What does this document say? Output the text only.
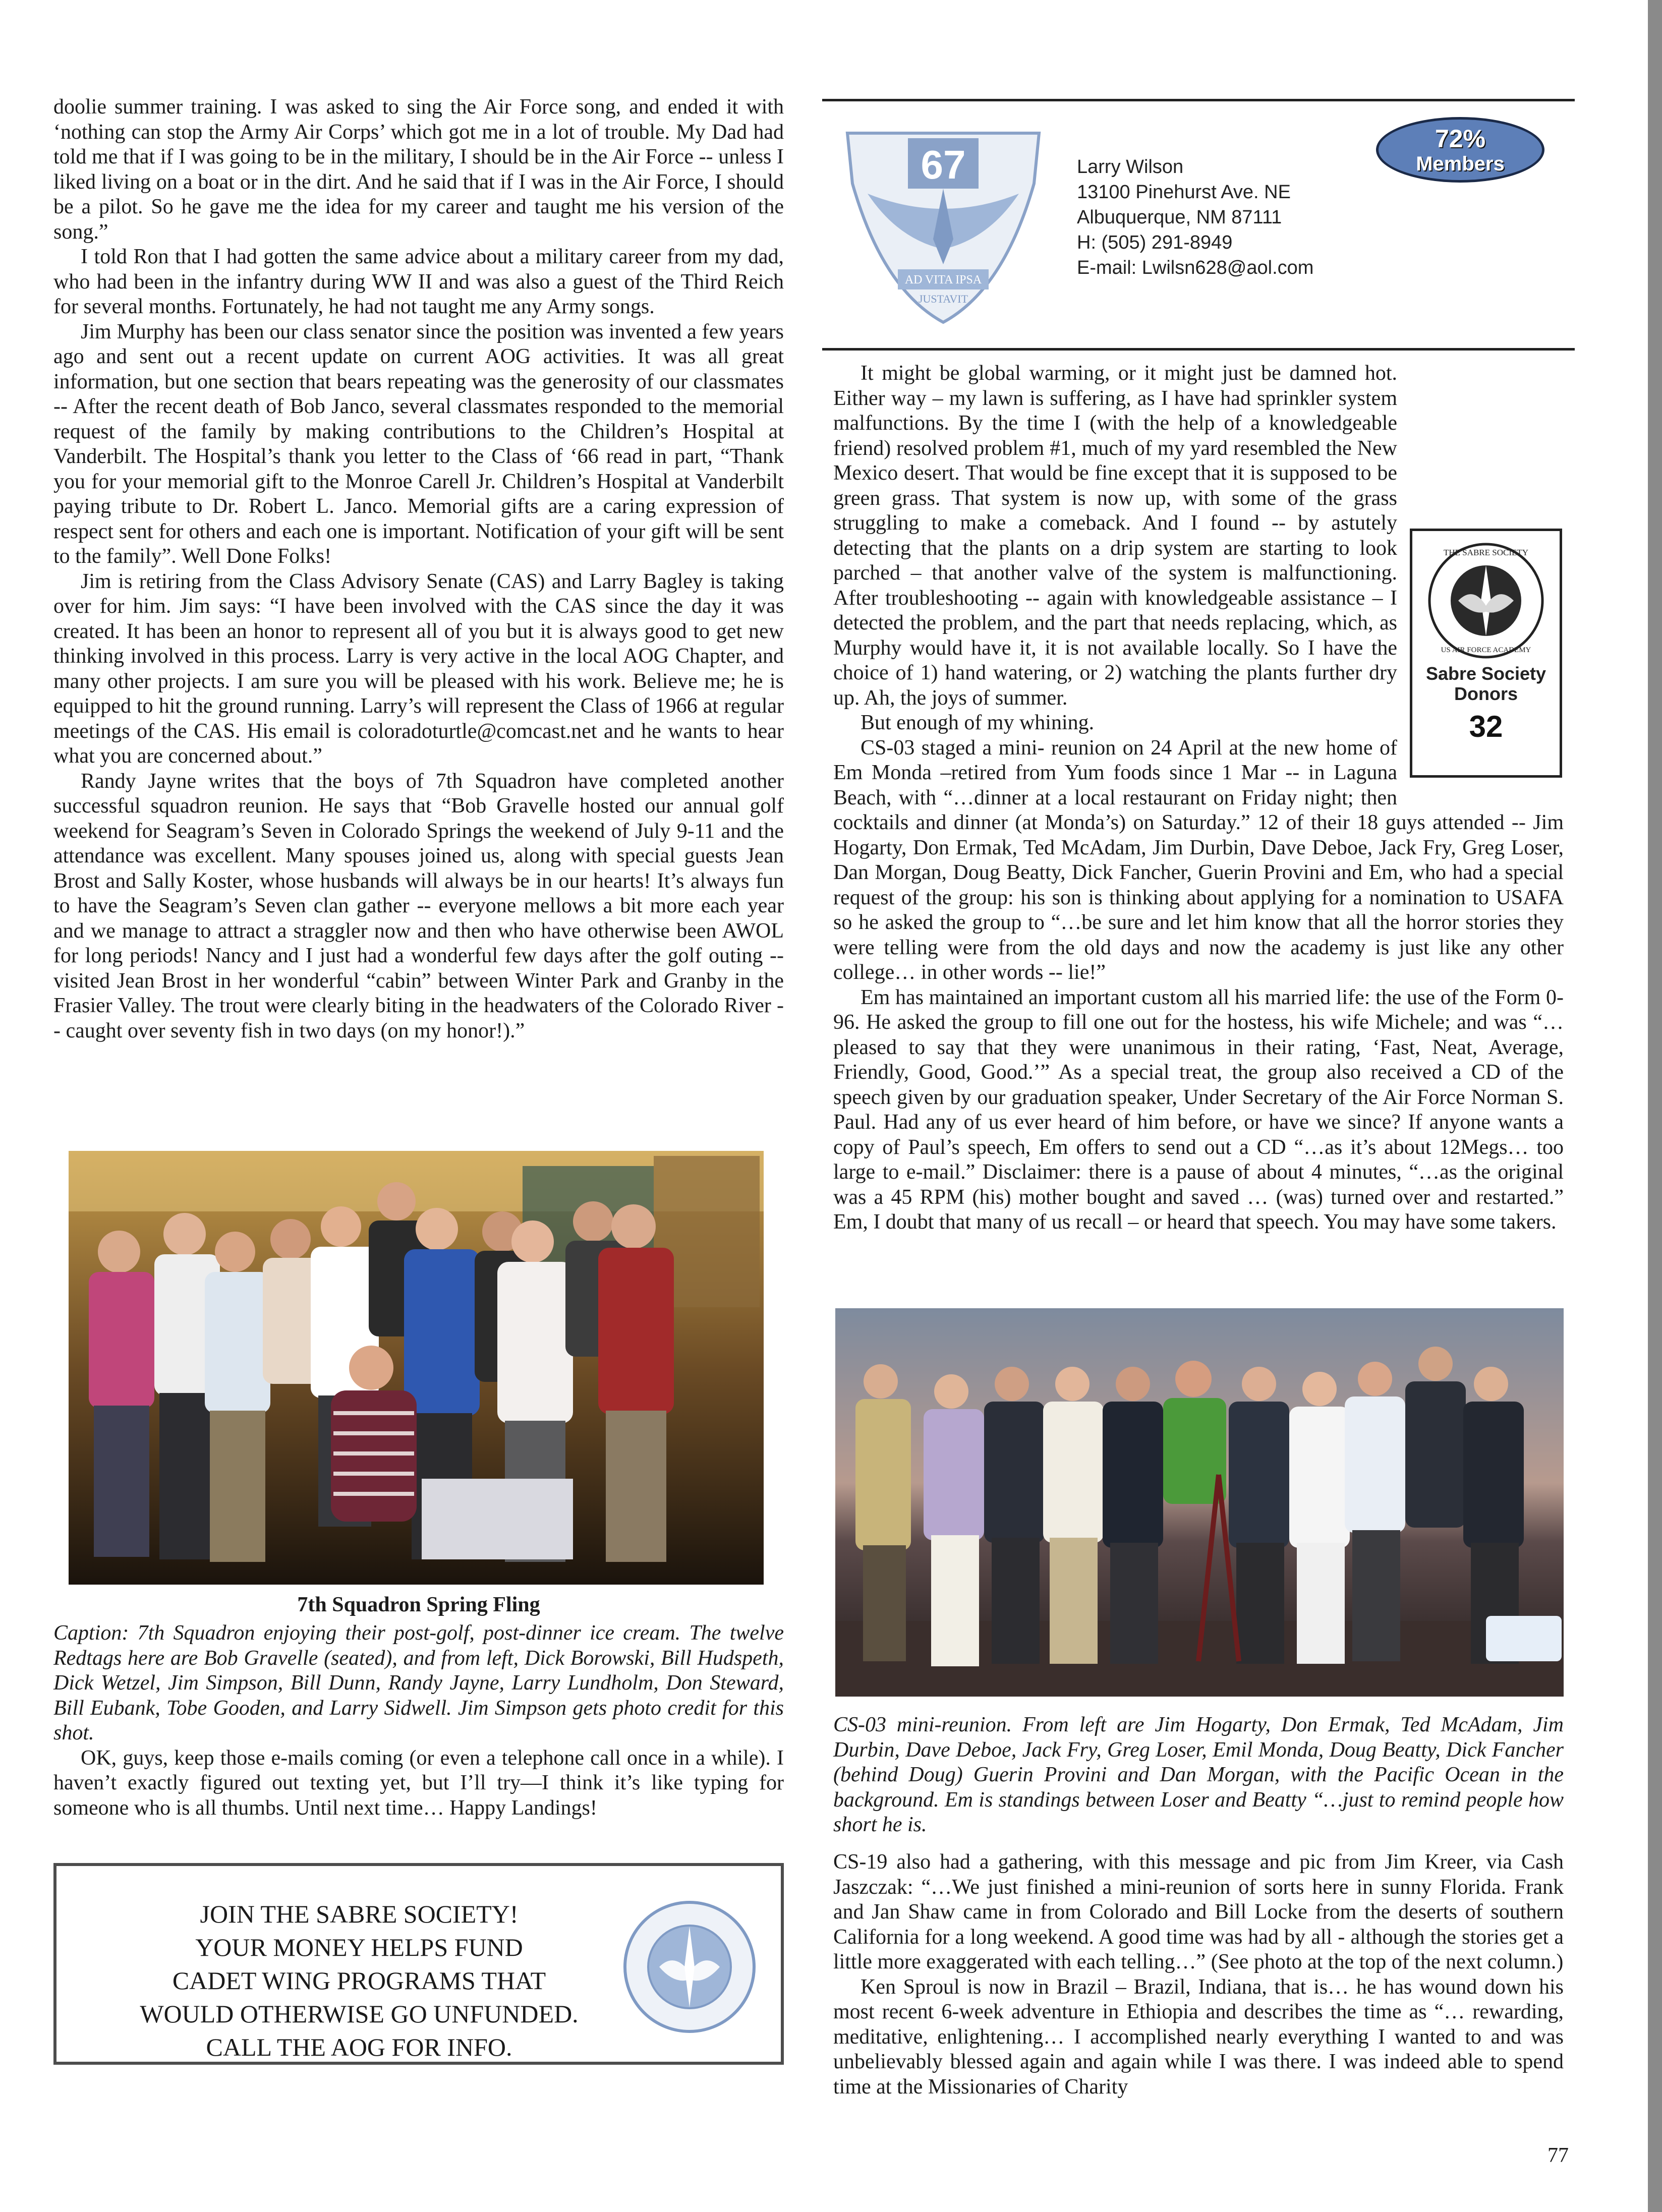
doolie summer training. I was asked to sing the Air Force song, and ended it with ‘nothing can stop the Army Air Corps’ which got me in a lot of trouble. My Dad had told me that if I was going to be in the military, I should be in the Air Force -- unless I liked living on a boat or in the dirt. And he said that if I was in the Air Force, I should be a pilot. So he gave me the idea for my career and taught me his version of the song.”

I told Ron that I had gotten the same advice about a military career from my dad, who had been in the infantry during WW II and was also a guest of the Third Reich for several months. Fortunately, he had not taught me any Army songs.

Jim Murphy has been our class senator since the position was invented a few years ago and sent out a recent update on current AOG activities. It was all great information, but one section that bears repeating was the generosity of our classmates -- After the recent death of Bob Janco, several classmates responded to the memorial request of the family by making contributions to the Children’s Hospital at Vanderbilt. The Hospital’s thank you letter to the Class of ‘66 read in part, “Thank you for your memorial gift to the Monroe Carell Jr. Children’s Hospital at Vanderbilt paying tribute to Dr. Robert L. Janco. Memorial gifts are a caring expression of respect sent for others and each one is important. Notification of your gift will be sent to the family”. Well Done Folks!

Jim is retiring from the Class Advisory Senate (CAS) and Larry Bagley is taking over for him. Jim says: “I have been involved with the CAS since the day it was created. It has been an honor to represent all of you but it is always good to get new thinking involved in this process. Larry is very active in the local AOG Chapter, and many other projects. I am sure you will be pleased with his work. Believe me; he is equipped to hit the ground running. Larry’s will represent the Class of 1966 at regular meetings of the CAS. His email is coloradoturtle@comcast.net and he wants to hear what you are concerned about.”

Randy Jayne writes that the boys of 7th Squadron have completed another successful squadron reunion. He says that “Bob Gravelle hosted our annual golf weekend for Seagram’s Seven in Colorado Springs the weekend of July 9-11 and the attendance was excellent. Many spouses joined us, along with special guests Jean Brost and Sally Koster, whose husbands will always be in our hearts! It’s always fun to have the Seagram’s Seven clan gather -- everyone mellows a bit more each year and we manage to attract a straggler now and then who have otherwise been AWOL for long periods! Nancy and I just had a wonderful few days after the golf outing -- visited Jean Brost in her wonderful “cabin” between Winter Park and Granby in the Frasier Valley. The trout were clearly biting in the headwaters of the Colorado River -- caught over seventy fish in two days (on my honor!).”

7th Squadron Spring Fling

Caption: 7th Squadron enjoying their post-golf, post-dinner ice cream. The twelve Redtags here are Bob Gravelle (seated), and from left, Dick Borowski, Bill Hudspeth, Dick Wetzel, Jim Simpson, Bill Dunn, Randy Jayne, Larry Lundholm, Don Steward, Bill Eubank, Tobe Gooden, and Larry Sidwell. Jim Simpson gets photo credit for this shot.

OK, guys, keep those e-mails coming (or even a telephone call once in a while). I haven’t exactly figured out texting yet, but I’ll try—I think it’s like typing for someone who is all thumbs. Until next time… Happy Landings!

JOIN THE SABRE SOCIETY!
YOUR MONEY HELPS FUND
CADET WING PROGRAMS THAT
WOULD OTHERWISE GO UNFUNDED.
CALL THE AOG FOR INFO.
67
AD VITA IPSA
JUSTAVIT
Larry Wilson
13100 Pinehurst Ave. NE
Albuquerque, NM 87111
H: (505) 291-8949
E-mail: Lwilsn628@aol.com
72%
Members

It might be global warming, or it might just be damned hot. Either way – my lawn is suffering, as I have had sprinkler system malfunctions. By the time I (with the help of a knowledgeable friend) resolved problem #1, much of my yard resembled the New Mexico desert. That would be fine except that it is supposed to be green grass. That system is now up, with some of the grass struggling to make a comeback. And I found -- by astutely detecting that the plants on a drip system are starting to look parched – that another valve of the system is malfunctioning. After troubleshooting -- again with knowledgeable assistance – I detected the problem, and the part that needs replacing, which, as Murphy would have it, it is not available locally. So I have the choice of 1) hand watering, or 2) watching the plants further dry up. Ah, the joys of summer.

But enough of my whining.

CS-03 staged a mini- reunion on 24 April at the new home of Em Monda –retired from Yum foods since 1 Mar -- in Laguna Beach, with “…dinner at a local restaurant on Friday night; then cocktails and dinner (at Monda’s) on Saturday.” 12 of their 18 guys attended -- Jim Hogarty, Don Ermak, Ted McAdam, Jim Durbin, Dave Deboe, Jack Fry, Greg Loser, Dan Morgan, Doug Beatty, Dick Fancher, Guerin Provini and Em, who had a special request of the group: his son is thinking about applying for a nomination to USAFA so he asked the group to “…be sure and let him know that all the horror stories they were telling were from the old days and now the academy is just like any other college… in other words -- lie!”

Em has maintained an important custom all his married life: the use of the Form 0-96. He asked the group to fill one out for the hostess, his wife Michele; and was “… pleased to say that they were unanimous in their rating, ‘Fast, Neat, Average, Friendly, Good, Good.’” As a special treat, the group also received a CD of the speech given by our graduation speaker, Under Secretary of the Air Force Norman S. Paul. Had any of us ever heard of him before, or have we since? If anyone wants a copy of Paul’s speech, Em offers to send out a CD “…as it’s about 12Megs… too large to e-mail.” Disclaimer: there is a pause of about 4 minutes, “…as the original was a 45 RPM (his) mother bought and saved … (was) turned over and restarted.” Em, I doubt that many of us recall – or heard that speech. You may have some takers.

THE SABRE SOCIETY
US AIR FORCE ACADEMY
Sabre Society
Donors
32

CS-03 mini-reunion. From left are Jim Hogarty, Don Ermak, Ted McAdam, Jim Durbin, Dave Deboe, Jack Fry, Greg Loser, Emil Monda, Doug Beatty, Dick Fancher (behind Doug) Guerin Provini and Dan Morgan, with the Pacific Ocean in the background. Em is standings between Loser and Beatty “…just to remind people how short he is.

CS-19 also had a gathering, with this message and pic from Jim Kreer, via Cash Jaszczak: “…We just finished a mini-reunion of sorts here in sunny Florida. Frank and Jan Shaw came in from Colorado and Bill Locke from the deserts of southern California for a long weekend. A good time was had by all - although the stories get a little more exaggerated with each telling…” (See photo at the top of the next column.)

Ken Sproul is now in Brazil – Brazil, Indiana, that is… he has wound down his most recent 6-week adventure in Ethiopia and describes the time as “… rewarding, meditative, enlightening… I accomplished nearly everything I wanted to and was unbelievably blessed again and again while I was there. I was indeed able to spend time at the Missionaries of Charity

77
